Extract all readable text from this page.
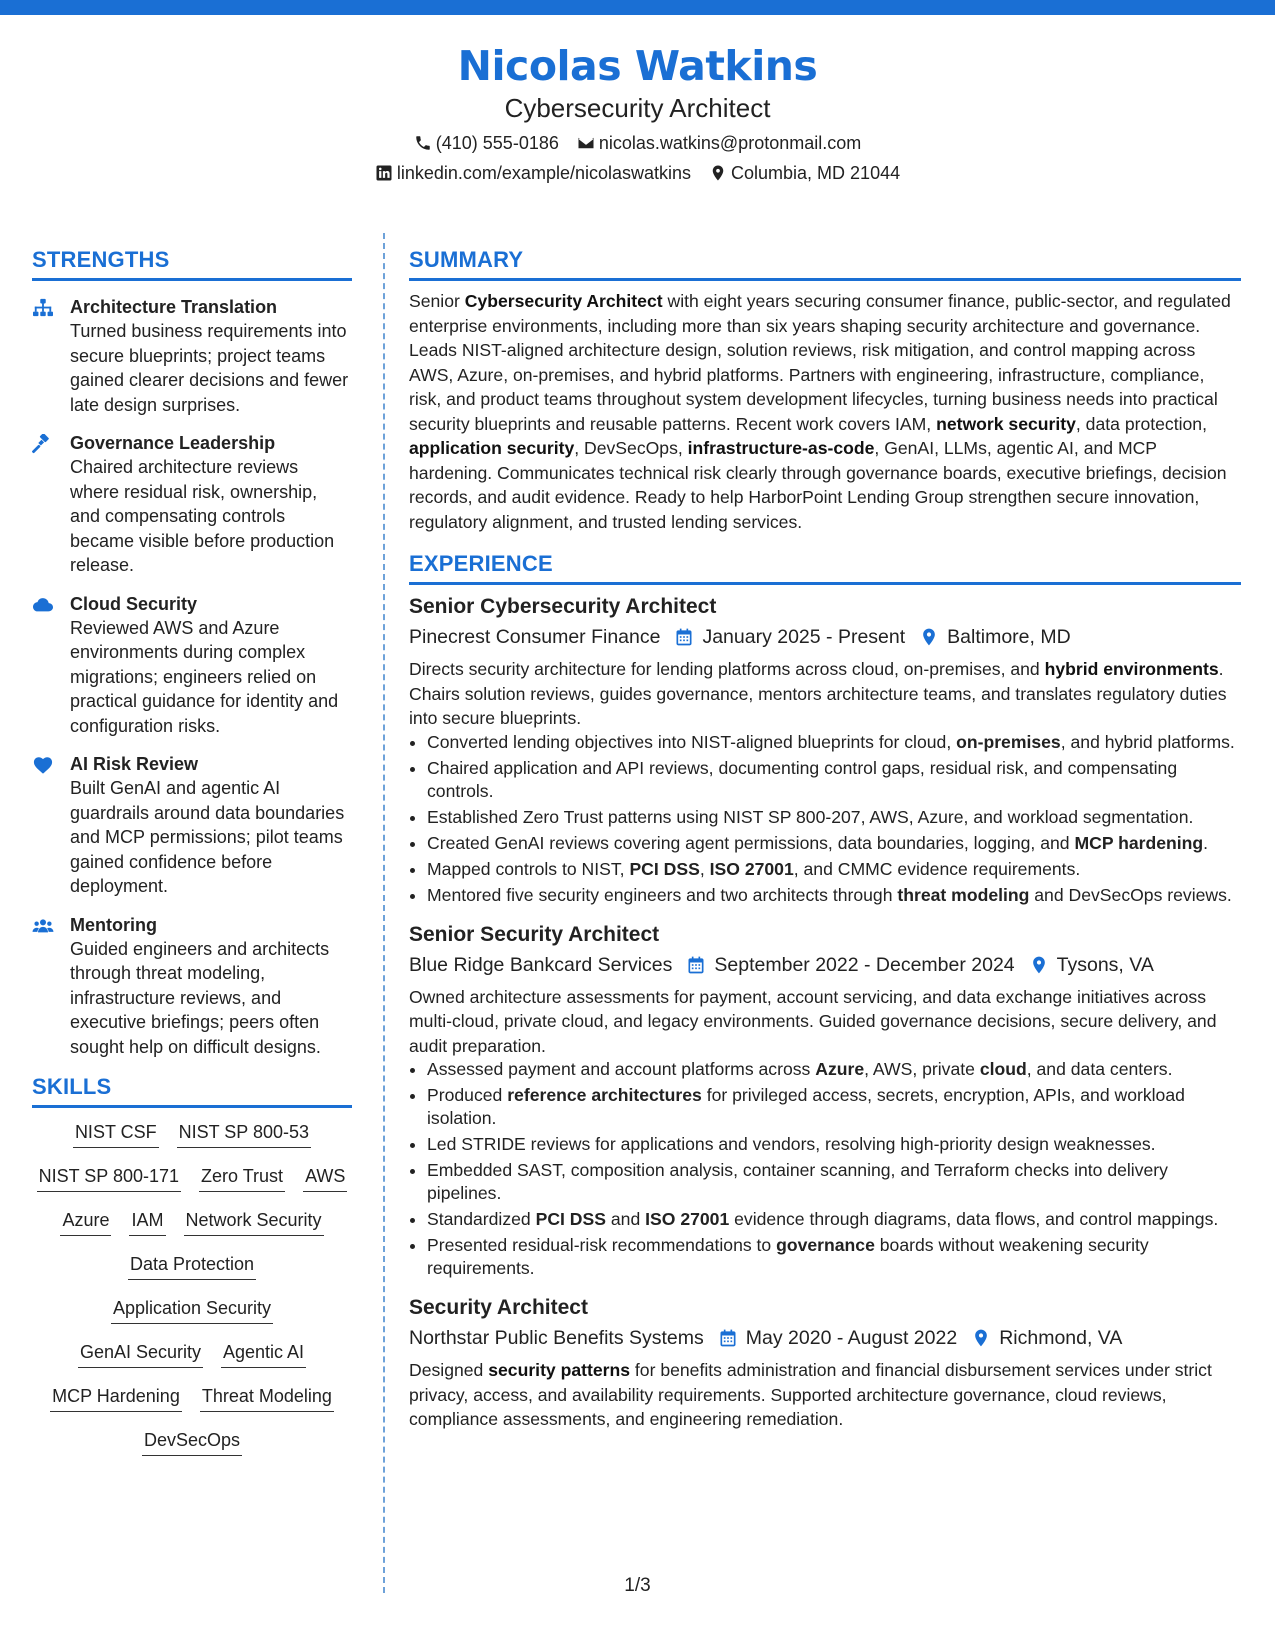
Nicolas Watkins
Cybersecurity Architect
(410) 555-0186 nicolas.watkins@protonmail.com
linkedin.com/example/nicolaswatkins Columbia, MD 21044
STRENGTHS
Architecture Translation
Turned business requirements into secure blueprints; project teams gained clearer decisions and fewer late design surprises.
Governance Leadership
Chaired architecture reviews where residual risk, ownership, and compensating controls became visible before production release.
Cloud Security
Reviewed AWS and Azure environments during complex migrations; engineers relied on practical guidance for identity and configuration risks.
AI Risk Review
Built GenAI and agentic AI guardrails around data boundaries and MCP permissions; pilot teams gained confidence before deployment.
Mentoring
Guided engineers and architects through threat modeling, infrastructure reviews, and executive briefings; peers often sought help on difficult designs.
SKILLS
NIST CSF NIST SP 800-53
NIST SP 800-171 Zero Trust AWS
Azure IAM Network Security
Data Protection
Application Security
GenAI Security Agentic AI
MCP Hardening Threat Modeling
DevSecOps
SUMMARY
Senior Cybersecurity Architect with eight years securing consumer finance, public-sector, and regulated enterprise environments, including more than six years shaping security architecture and governance. Leads NIST-aligned architecture design, solution reviews, risk mitigation, and control mapping across AWS, Azure, on-premises, and hybrid platforms. Partners with engineering, infrastructure, compliance, risk, and product teams throughout system development lifecycles, turning business needs into practical security blueprints and reusable patterns. Recent work covers IAM, network security, data protection, application security, DevSecOps, infrastructure-as-code, GenAI, LLMs, agentic AI, and MCP hardening. Communicates technical risk clearly through governance boards, executive briefings, decision records, and audit evidence. Ready to help HarborPoint Lending Group strengthen secure innovation, regulatory alignment, and trusted lending services.
EXPERIENCE
Senior Cybersecurity Architect
Pinecrest Consumer Finance January 2025 - Present Baltimore, MD
Directs security architecture for lending platforms across cloud, on-premises, and hybrid environments. Chairs solution reviews, guides governance, mentors architecture teams, and translates regulatory duties into secure blueprints.
• Converted lending objectives into NIST-aligned blueprints for cloud, on-premises, and hybrid platforms.
• Chaired application and API reviews, documenting control gaps, residual risk, and compensating controls.
• Established Zero Trust patterns using NIST SP 800-207, AWS, Azure, and workload segmentation.
• Created GenAI reviews covering agent permissions, data boundaries, logging, and MCP hardening.
• Mapped controls to NIST, PCI DSS, ISO 27001, and CMMC evidence requirements.
• Mentored five security engineers and two architects through threat modeling and DevSecOps reviews.
Senior Security Architect
Blue Ridge Bankcard Services September 2022 - December 2024 Tysons, VA
Owned architecture assessments for payment, account servicing, and data exchange initiatives across multi-cloud, private cloud, and legacy environments. Guided governance decisions, secure delivery, and audit preparation.
• Assessed payment and account platforms across Azure, AWS, private cloud, and data centers.
• Produced reference architectures for privileged access, secrets, encryption, APIs, and workload isolation.
• Led STRIDE reviews for applications and vendors, resolving high-priority design weaknesses.
• Embedded SAST, composition analysis, container scanning, and Terraform checks into delivery pipelines.
• Standardized PCI DSS and ISO 27001 evidence through diagrams, data flows, and control mappings.
• Presented residual-risk recommendations to governance boards without weakening security requirements.
Security Architect
Northstar Public Benefits Systems May 2020 - August 2022 Richmond, VA
Designed security patterns for benefits administration and financial disbursement services under strict privacy, access, and availability requirements. Supported architecture governance, cloud reviews, compliance assessments, and engineering remediation.
1/3
